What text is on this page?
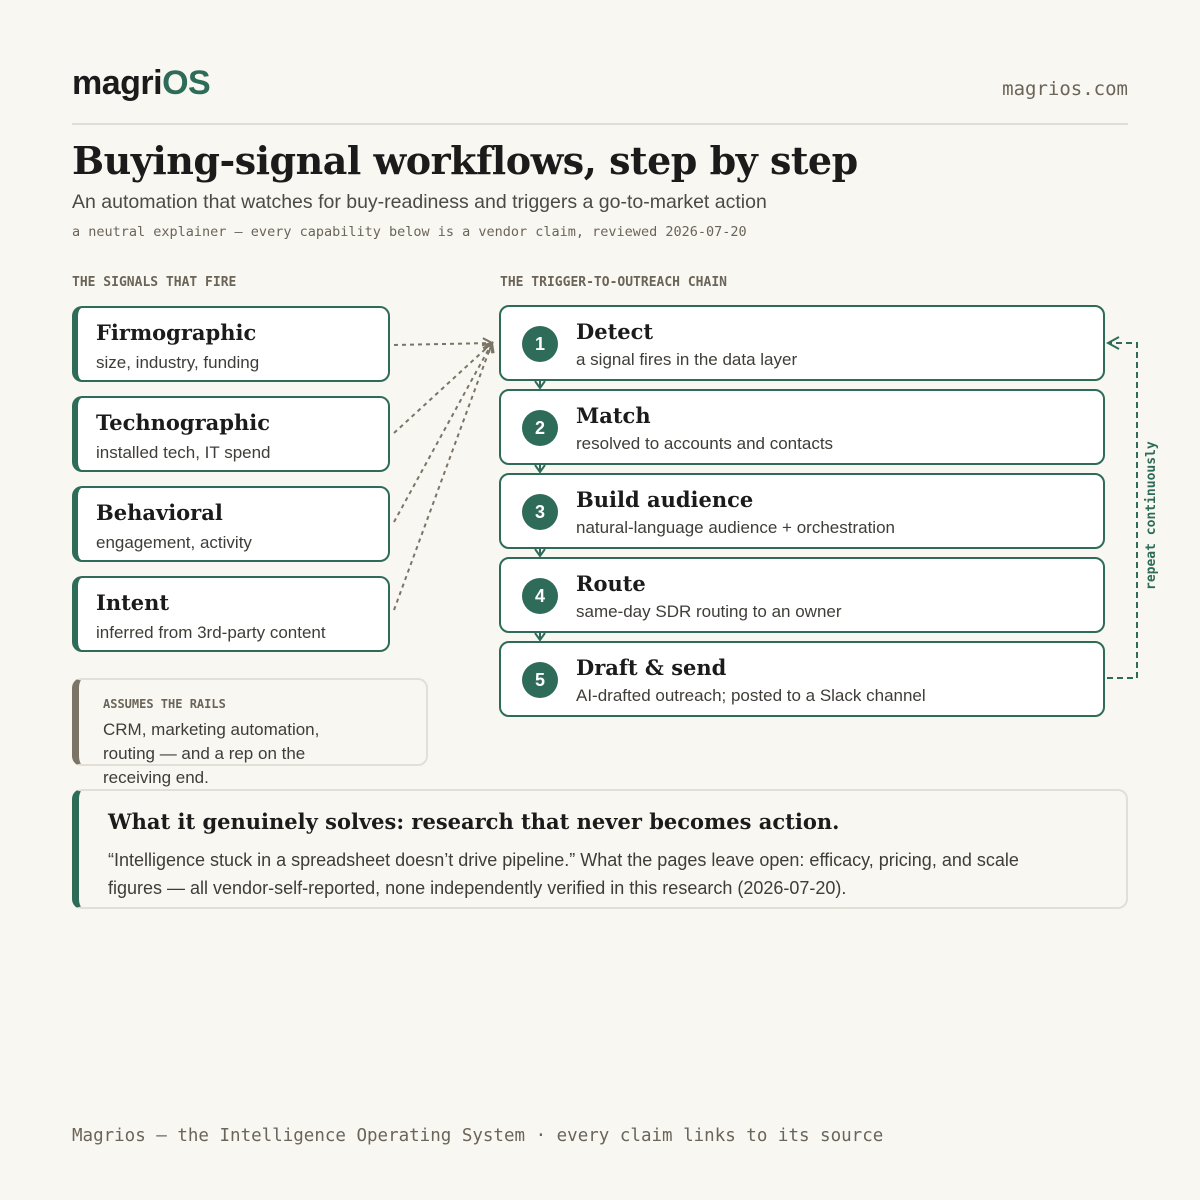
magriOS	magrios.com
Buying-signal workflows, step by step
An automation that watches for buy-readiness and triggers a go-to-market action
a neutral explainer — every capability below is a vendor claim, reviewed 2026-07-20
THE SIGNALS THAT FIRE	THE TRIGGER-TO-OUTREACH CHAIN
Firmographic
size, industry, funding
Technographic
installed tech, IT spend
Behavioral
engagement, activity
Intent
inferred from 3rd-party content
ASSUMES THE RAILS
CRM, marketing automation, routing — and a rep on the receiving end.
1	Detect
a signal fires in the data layer
2	Match
resolved to accounts and contacts
3	Build audience
natural-language audience + orchestration
4	Route
same-day SDR routing to an owner
5	Draft & send
AI-drafted outreach; posted to a Slack channel
repeat continuously
What it genuinely solves: research that never becomes action.
“Intelligence stuck in a spreadsheet doesn’t drive pipeline.” What the pages leave open: efficacy, pricing, and scale figures — all vendor-self-reported, none independently verified in this research (2026-07-20).
Magrios — the Intelligence Operating System · every claim links to its source
